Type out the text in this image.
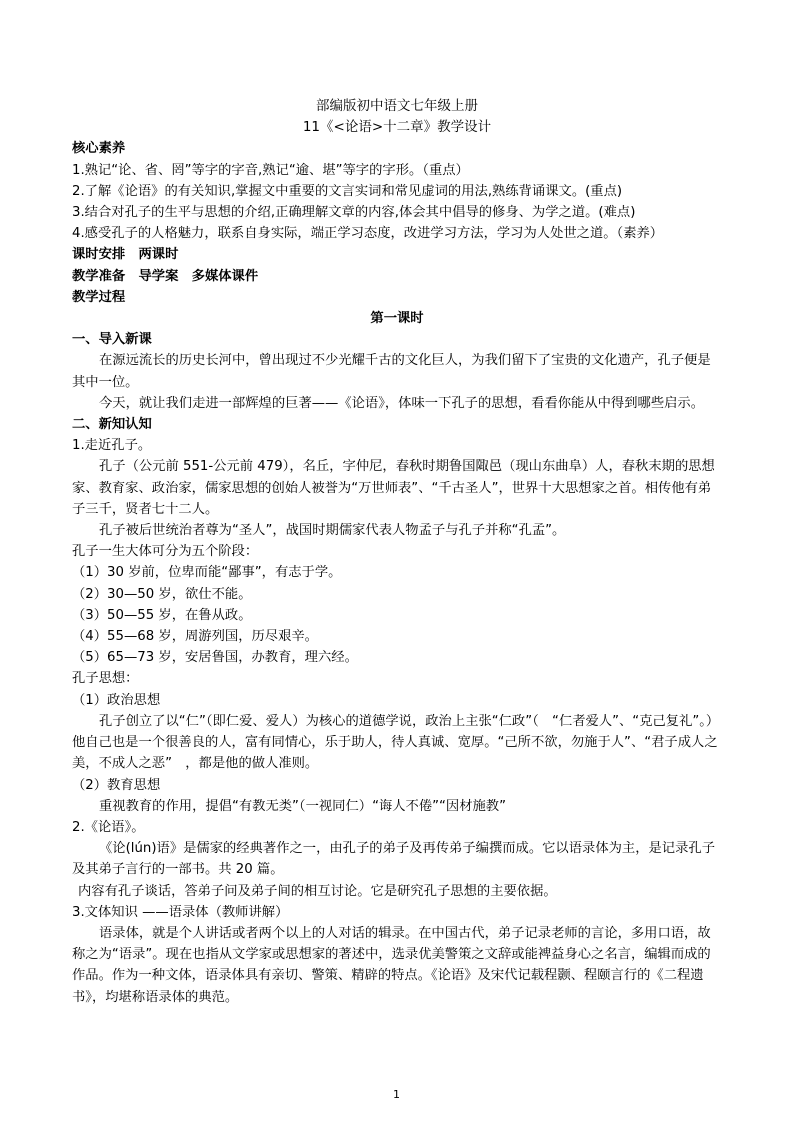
部编版初中语文七年级上册
11《<论语>十二章》教学设计
核心素养
1.熟记“论、省、罔”等字的字音,熟记“逾、堪”等字的字形。（重点）
2.了解《论语》的有关知识,掌握文中重要的文言实词和常见虚词的用法,熟练背诵课文。(重点)
3.结合对孔子的生平与思想的介绍,正确理解文章的内容,体会其中倡导的修身、为学之道。(难点)
4.感受孔子的人格魅力，联系自身实际，端正学习态度，改进学习方法，学习为人处世之道。（素养）
课时安排　两课时
教学准备　导学案　多媒体课件
教学过程
第一课时
一、导入新课

在源远流长的历史长河中，曾出现过不少光耀千古的文化巨人，为我们留下了宝贵的文化遗产，孔子便是其中一位。

今天，就让我们走进一部辉煌的巨著——《论语》，体味一下孔子的思想，看看你能从中得到哪些启示。

二、新知认知
1.走近孔子。

孔子（公元前 551-公元前 479），名丘，字仲尼，春秋时期鲁国陬邑（现山东曲阜）人，春秋末期的思想家、教育家、政治家，儒家思想的创始人被誉为“万世师表”、“千古圣人”，世界十大思想家之首。相传他有弟子三千，贤者七十二人。

孔子被后世统治者尊为“圣人”，战国时期儒家代表人物孟子与孔子并称“孔孟”。

孔子一生大体可分为五个阶段：
（1）30 岁前，位卑而能“鄙事”，有志于学。
（2）30—50 岁，欲仕不能。
（3）50—55 岁，在鲁从政。
（4）55—68 岁，周游列国，历尽艰辛。
（5）65—73 岁，安居鲁国，办教育，理六经。
孔子思想：
（1）政治思想

孔子创立了以“仁”（即仁爱、爱人）为核心的道德学说，政治上主张“仁政”（　“仁者爱人”、“克己复礼”。）他自己也是一个很善良的人，富有同情心，乐于助人，待人真诚、宽厚。“己所不欲，勿施于人”、“君子成人之美，不成人之恶”　，都是他的做人准则。

（2）教育思想

重视教育的作用，提倡“有教无类”（一视同仁）“诲人不倦”“因材施教”

2.《论语》。

《论(lún)语》是儒家的经典著作之一，由孔子的弟子及再传弟子编撰而成。它以语录体为主，是记录孔子及其弟子言行的一部书。共 20 篇。

内容有孔子谈话，答弟子问及弟子间的相互讨论。它是研究孔子思想的主要依据。

3.文体知识 ——语录体（教师讲解）

语录体，就是个人讲话或者两个以上的人对话的辑录。在中国古代，弟子记录老师的言论，多用口语，故称之为“语录”。现在也指从文学家或思想家的著述中，选录优美警策之文辞或能裨益身心之名言，编辑而成的作品。作为一种文体，语录体具有亲切、警策、精辟的特点。《论语》及宋代记载程颢、程颐言行的《二程遗书》，均堪称语录体的典范。

1
